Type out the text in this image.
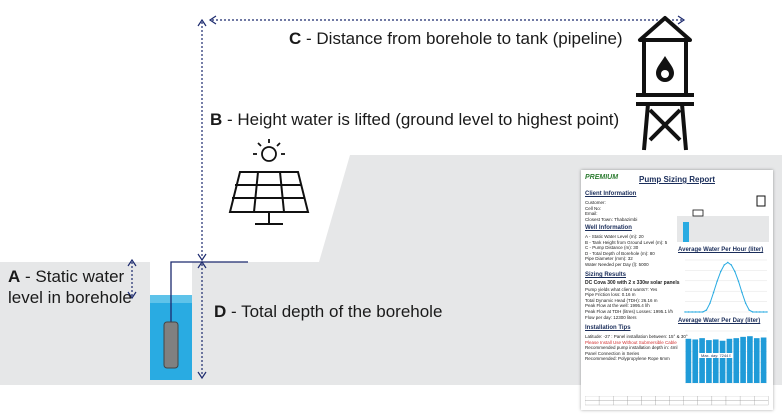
A - Static water
level in borehole
B - Height water is lifted (ground level to highest point)
C - Distance from borehole to tank (pipeline)
D - Total depth of the borehole
PREMIUM	Pump Sizing Report
Client Information
Customer:
Cell No:
Email:
Closest Town: Thabazimbi
Well Information
A - Static Water Level (m): 20
B - Tank Height from Ground Level (m): 5
C - Pump Distance (m): 30
D - Total Depth of Borehole (m): 80
Pipe Diameter (mm): 32
Water Needed per Day (l): 5000
Sizing Results
DC Cova 300 with 2 x 330w solar panels
Pump yields what client wants?: Yes
Pipe Friction loss: 0.16 m
Total Dynamic Head (TDH): 26.16 m
Peak Flow at the well: 1995.4 l/h
Peak Flow at TDH (litres) Losses: 1995.1 l/h
Flow per day: 12300 liters
Installation Tips
Latitude: -27 : Panel installation between: 15° & 30°
Please Install Use Without Submersible Cable
Recommended pump installation depth in: 4ml
Panel Connection in Series
Recommended: Polypropylene Rope 6mm
Average Water Per Hour (liter)
Average Water Per Day (liter)
Max. day: 7244 ℓ
